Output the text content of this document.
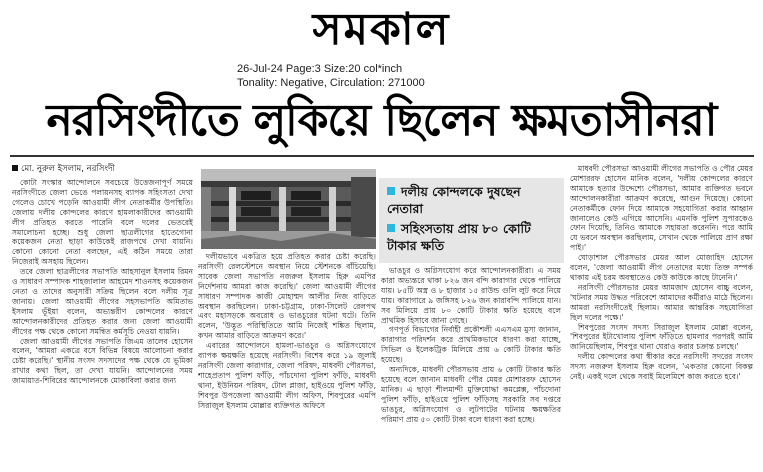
সমকাল
26-Jul-24 Page:3 Size:20 col*inch
Tonality: Negative, Circulation: 271000
নরসিংদীতে লুকিয়ে ছিলেন ক্ষমতাসীনরা
মো. নুরুল ইসলাম, নরসিংদী

কোটা সংস্কার আন্দোলনে সবচেয়ে উত্তেজনাপূর্ণ সময়ে নরসিংদীতে জেলা ভেঙে পলায়নসহ ব্যাপক সহিংসতা দেখা গেলেও চোখে পড়েনি আওয়ামী লীগ নেতাকর্মীর উপস্থিতি। জেলায় দলীয় কোন্দলের কারণে হামলাকারীদের আওয়ামী লীগ প্রতিহত করতে পারেনি বলে দলের ভেতরেই সমালোচনা হচ্ছে। শুধু জেলা ছাত্রলীগের হাতেগোনা কয়েকজন নেতা ছাড়া কাউকেই রাজপথে দেখা যায়নি। কোনো কোনো নেতা বলছেন, এই কঠিন সময়ে তারা নিজেরাই অসহায় ছিলেন।

তবে জেলা ছাত্রলীগের সভাপতি আহসানুল ইসলাম রিমন ও সাধারণ সম্পাদক শাহজালাল আহমেদ শাওনসহ কয়েকজন নেতা ও তাদের অনুসারী সক্রিয় ছিলেন বলে দলীয় সূত্র জানায়। জেলা আওয়ামী লীগের সহসভাপতি অমিতাভ ইসলাম ভূঁইয়া বলেন, অভ্যন্তরীণ কোন্দলের কারণে আন্দোলনকারীদের প্রতিহত করার জন্য জেলা আওয়ামী লীগের পক্ষ থেকে কোনো সমন্বিত কর্মসূচি নেওয়া যায়নি।

জেলা আওয়ামী লীগের সভাপতি জিএম তালেব হোসেন বলেন, 'আমরা একত্রে বসে বিভিন্ন বিষয়ে আলোচনা করার চেষ্টা করেছি।' স্থানীয় সংসদ সদস্যদের পক্ষ থেকে যে ভূমিকা রাখার কথা ছিল, তা দেখা যায়নি। আন্দোলনের সময় জামায়াত-শিবিরের আন্দোলনকে মোকাবিলা করার জন্য

দলীয়ভাবে একত্রিত হয়ে প্রতিহত করার চেষ্টা করেছি। নরসিংদী রেলস্টেশনে অবস্থান নিয়ে স্টেশনকে বাঁচিয়েছি। সাবেক জেলা সভাপতি নজরুল ইসলাম হিরু এমপির নির্দেশনায় আমরা কাজ করেছি।' জেলা আওয়ামী লীগের সাধারণ সম্পাদক কাজী মোহাম্মদ আলীর নিজ বাড়িতে অবস্থান করছিলেন। ঢাকা-চট্টগ্রাম, ঢাকা-সিলেট রেলপথ এবং মহাসড়কে অবরোধ ও ভাঙচুরের ঘটনা ঘটে। তিনি বলেন, 'উদ্ভূত পরিস্থিতিতে আমি নিজেই শঙ্কিত ছিলাম, কখন আমার বাড়িতে আক্রমণ করে।'

এবারের আন্দোলনে হামলা-ভাঙচুর ও অগ্নিসংযোগে ব্যাপক ক্ষয়ক্ষতি হয়েছে নরসিংদী। বিশেষ করে ১৯ জুলাই নরসিংদী জেলা কারাগার, জেলা পরিষদ, মাধবদী পৌরসভা, শাহেপ্রতাপ পুলিশ ফাঁড়ি, পাঁচদোনা পুলিশ ফাঁড়ি, মাধবদী থানা, ইউনিয়ন পরিষদ, টোল প্লাজা, হাইওয়ে পুলিশ ফাঁড়ি, শিবপুর উপজেলা আওয়ামী লীগ অফিস, শিবপুরের এমপি সিরাজুল ইসলাম মোল্লার ব্যক্তিগত অফিসে

ভাঙচুর ও অগ্নিসংযোগ করে আন্দোলনকারীরা। এ সময় কারা অভ্যন্তরে থাকা ৮২৬ জন বন্দি কারাগার থেকে পালিয়ে যায়। ৮৫টি অস্ত্র ও ৮ হাজার ১৫ রাউন্ড গুলি লুট করে নিয়ে যায়। কারাগারে ৯ জঙ্গিসহ ৮২৬ জন কারাবন্দি পালিয়ে যান। সব মিলিয়ে প্রায় ৮০ কোটি টাকার ক্ষতি হয়েছে বলে প্রাথমিক হিসাবে জানা গেছে।

গণপূর্ত বিভাগের নির্বাহী প্রকৌশলী এএসএম মুসা জানান, কারাগার পরিদর্শন করে প্রাথমিকভাবে ধারণা করা যাচ্ছে, সিভিল ও ইলেকট্রিক মিলিয়ে প্রায় ৬ কোটি টাকার ক্ষতি হয়েছে।

অন্যদিকে, মাধবদী পৌরসভায় প্রায় ৬ কোটি টাকার ক্ষতি হয়েছে বলে জানান মাধবদী পৌর মেয়র মোশাররফ হোসেন মানিক। এ ছাড়া শীলমান্দী মুক্তিযোদ্ধা কমপ্লেক্স, পাঁচদোনা পুলিশ ফাঁড়ি, হাইওয়ে পুলিশ ফাঁড়িসহ সরকারি সব দপ্তরে ভাঙচুর, অগ্নিসংযোগ ও লুটপাটের ঘটনায় ক্ষয়ক্ষতির পরিমাণ প্রায় ৫০ কোটি টাকা বলে ধারণা করা হচ্ছে।

দলীয় কোন্দলকে দুষছেন নেতারা
সহিংসতায় প্রায় ৮০ কোটি টাকার ক্ষতি

মাধবদী পৌরসভা আওয়ামী লীগের সভাপতি ও পৌর মেয়র মোশাররফ হোসেন মানিক বলেন, 'দলীয় কোন্দলের কারণে আমাকে হত্যার উদ্দেশ্যে পৌরসভা, আমার ব্যক্তিগত ভবনে আন্দোলনকারীরা আক্রমণ করেছে, আগুন দিয়েছে। কোনো নেতাকর্মীকে ফোন দিয়ে আমাকে সহযোগিতা করার আহ্বান জানালেও কেউ এগিয়ে আসেনি। এমনকি পুলিশ সুপারকেও ফোন দিয়েছি, তিনিও আমাকে সহায়তা করেননি। পরে আমি যে ভবনে অবস্থান করছিলাম, সেখান থেকে পালিয়ে প্রাণ রক্ষা পাই।'

ঘোড়াশাল পৌরসভার মেয়র আল মোজাহিদ হোসেন বলেন, 'জেলা আওয়ামী লীগ নেতাদের মধ্যে তিক্ত সম্পর্ক থাকায় এই চরম অবস্থাতেও কেউ কাউকে কাছে টানেনি।'

নরসিংদী পৌরসভার মেয়র আমজাদ হোসেন বাচ্চু বলেন, 'ঘটনার সময় উদ্ধত পরিবেশে আমাদের কর্মীরাও মাঠে ছিলেন। আমরা নরসিংদীতেই ছিলাম। আমার আন্তরিক সহযোগিতা ছিল দলের পক্ষে।'

শিবপুরের সংসদ সদস্য সিরাজুল ইসলাম মোল্লা বলেন, 'শিবপুরের ইটাখোলায় পুলিশ ফাঁড়িতে হামলার পরপরই আমি জানিয়েছিলাম, শিবপুর থানা ঘেরাও করার চক্রান্ত চলছে।'

দলীয় কোন্দলের কথা স্বীকার করে নরসিংদী সদরের সংসদ সদস্য নজরুল ইসলাম হিরু বলেন, 'একতার কোনো বিকল্প নেই। একই দলে থেকে সবাই মিলেমিশে কাজ করতে হবে।'
